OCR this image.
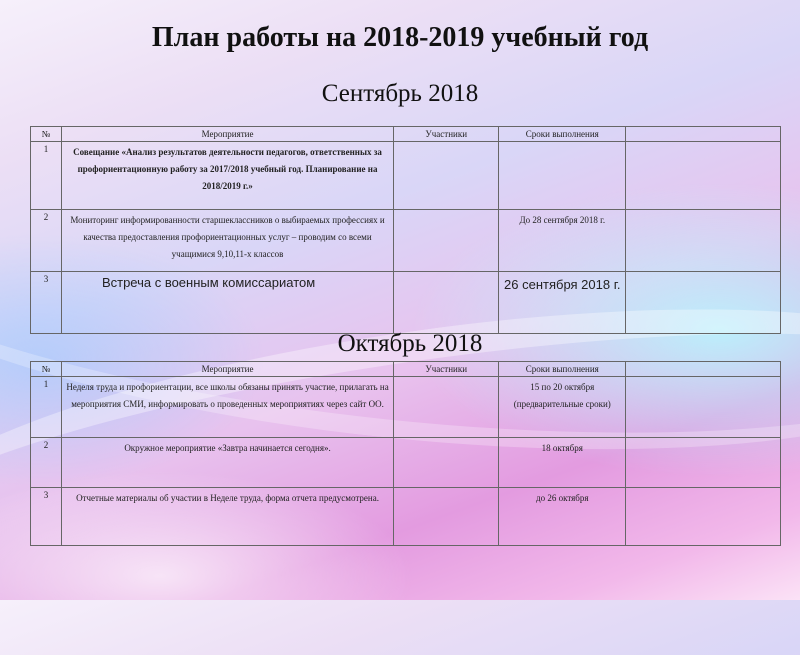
План работы на 2018-2019 учебный год
Сентябрь 2018
№	Мероприятие	Участники	Сроки выполнения	
1	Совещание «Анализ результатов деятельности педагогов, ответственных за профориентационную работу за 2017/2018 учебный год. Планирование на 2018/2019 г.»			
2	Мониторинг информированности старшеклассников о выбираемых профессиях и качества предоставления профориентационных услуг – проводим со всеми учащимися 9,10,11-х классов		До 28 сентября 2018 г.	
3	Встреча с военным комиссариатом		26 сентября 2018 г.	
Октябрь 2018
№	Мероприятие	Участники	Сроки выполнения	
1	Неделя труда и профориентации, все школы обязаны принять участие, прилагать на мероприятия СМИ, информировать о проведенных мероприятиях через сайт ОО.		15 по 20 октября (предварительные сроки)	
2	Окружное мероприятие «Завтра начинается сегодня».		18 октября	
3	Отчетные материалы об участии в Неделе труда, форма отчета предусмотрена.		до 26 октября	
